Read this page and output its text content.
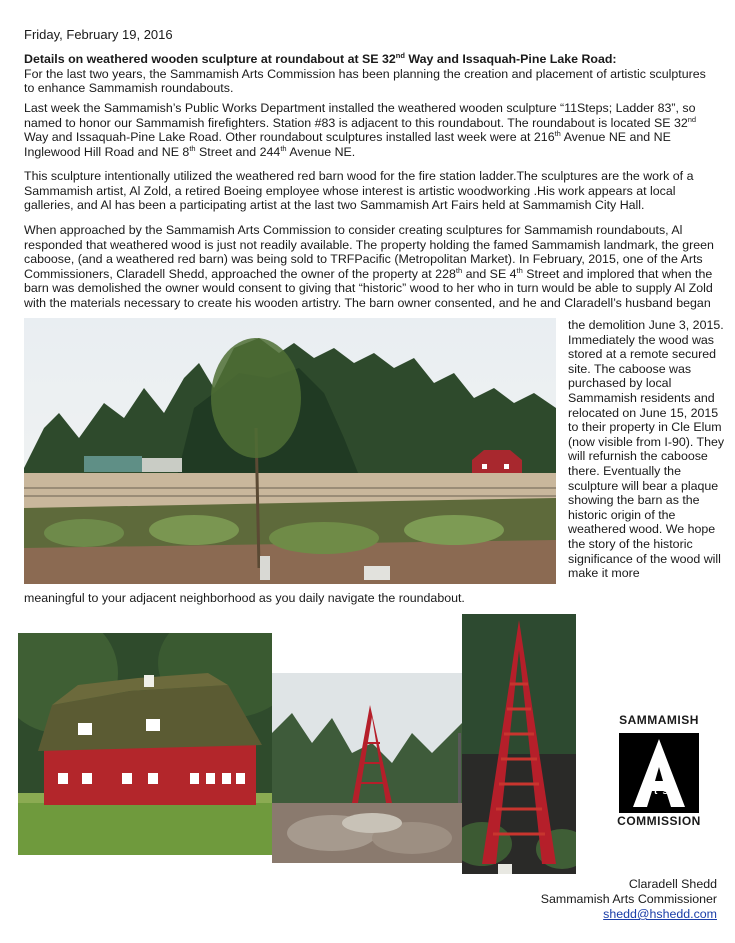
Friday, February 19, 2016

Details on weathered wooden sculpture at roundabout at SE 32nd Way and Issaquah-Pine Lake Road:
For the last two years, the Sammamish Arts Commission has been planning the creation and placement of artistic sculptures to enhance Sammamish roundabouts.

Last week the Sammamish’s Public Works Department installed the weathered wooden sculpture “11Steps; Ladder 83”, so named to honor our Sammamish firefighters. Station #83 is adjacent to this roundabout. The roundabout is located SE 32nd Way and Issaquah-Pine Lake Road. Other roundabout sculptures installed last week were at 216th Avenue NE and NE Inglewood Hill Road and NE 8th Street and 244th Avenue NE.

This sculpture intentionally utilized the weathered red barn wood for the fire station ladder.The sculptures are the work of a Sammamish artist, Al Zold, a retired Boeing employee whose interest is artistic woodworking .His work appears at local galleries, and Al has been a participating artist at the last two Sammamish Art Fairs held at Sammamish City Hall.

When approached by the Sammamish Arts Commission to consider creating sculptures for Sammamish roundabouts, Al responded that weathered wood is just not readily available. The property holding the famed Sammamish landmark, the green caboose, (and a weathered red barn) was being sold to TRFPacific (Metropolitan Market). In February, 2015, one of the Arts Commissioners, Claradell Shedd, approached the owner of the property at 228th and SE 4th Street and implored that when the barn was demolished the owner would consent to giving that “historic” wood to her who in turn would be able to supply Al Zold with the materials necessary to create his wooden artistry. The barn owner consented, and he and Claradell’s husband began

the demolition June 3, 2015. Immediately the wood was stored at a remote secured site. The caboose was purchased by local Sammamish residents and relocated on June 15, 2015 to their property in Cle Elum (now visible from I-90). They will refurnish the caboose there. Eventually the sculpture will bear a plaque showing the barn as the historic origin of the weathered wood. We hope the story of the historic significance of the wood will make it more

meaningful to your adjacent neighborhood as you daily navigate the roundabout.

SAMMAMISH
rts
COMMISSION
Claradell Shedd
Sammamish Arts Commissioner
shedd@hshedd.com
